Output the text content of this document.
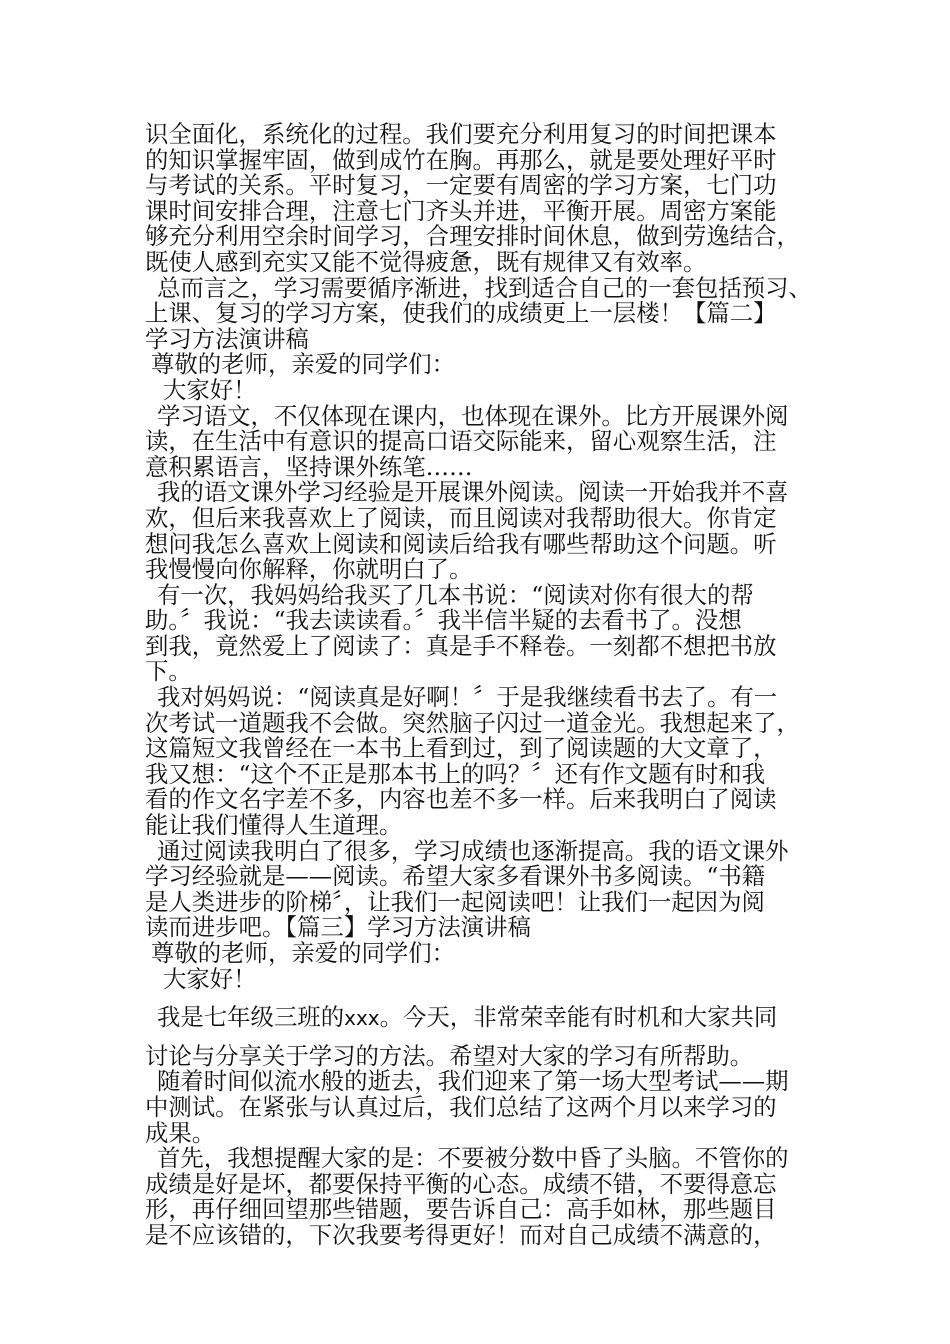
识全面化，系统化的过程。我们要充分利用复习的时间把课本
的知识掌握牢固，做到成竹在胸。再那么，就是要处理好平时
与考试的关系。平时复习，一定要有周密的学习方案，七门功
课时间安排合理，注意七门齐头并进，平衡开展。周密方案能
够充分利用空余时间学习，合理安排时间休息，做到劳逸结合，
既使人感到充实又能不觉得疲惫，既有规律又有效率。
总而言之，学习需要循序渐进，找到适合自己的一套包括预习、
上课、复习的学习方案，使我们的成绩更上一层楼！【篇二】
学习方法演讲稿
尊敬的老师，亲爱的同学们：
大家好！
学习语文，不仅体现在课内，也体现在课外。比方开展课外阅
读，在生活中有意识的提高口语交际能来，留心观察生活，注
意积累语言，坚持课外练笔……
我的语文课外学习经验是开展课外阅读。阅读一开始我并不喜
欢，但后来我喜欢上了阅读，而且阅读对我帮助很大。你肯定
想问我怎么喜欢上阅读和阅读后给我有哪些帮助这个问题。听
我慢慢向你解释，你就明白了。
有一次，我妈妈给我买了几本书说：“阅读对你有很大的帮
助。〞我说：“我去读读看。〞我半信半疑的去看书了。没想
到我，竟然爱上了阅读了：真是手不释卷。一刻都不想把书放
下。
我对妈妈说：“阅读真是好啊！〞于是我继续看书去了。有一
次考试一道题我不会做。突然脑子闪过一道金光。我想起来了，
这篇短文我曾经在一本书上看到过，到了阅读题的大文章了，
我又想：“这个不正是那本书上的吗？〞还有作文题有时和我
看的作文名字差不多，内容也差不多一样。后来我明白了阅读
能让我们懂得人生道理。
通过阅读我明白了很多，学习成绩也逐渐提高。我的语文课外
学习经验就是——阅读。希望大家多看课外书多阅读。“书籍
是人类进步的阶梯〞，让我们一起阅读吧！让我们一起因为阅
读而进步吧。【篇三】学习方法演讲稿
尊敬的老师，亲爱的同学们：
大家好！
我是七年级三班的xxx。今天，非常荣幸能有时机和大家共同
讨论与分享关于学习的方法。希望对大家的学习有所帮助。
随着时间似流水般的逝去，我们迎来了第一场大型考试——期
中测试。在紧张与认真过后，我们总结了这两个月以来学习的
成果。
首先，我想提醒大家的是：不要被分数中昏了头脑。不管你的
成绩是好是坏，都要保持平衡的心态。成绩不错，不要得意忘
形，再仔细回望那些错题，要告诉自己：高手如林，那些题目
是不应该错的，下次我要考得更好！而对自己成绩不满意的，
